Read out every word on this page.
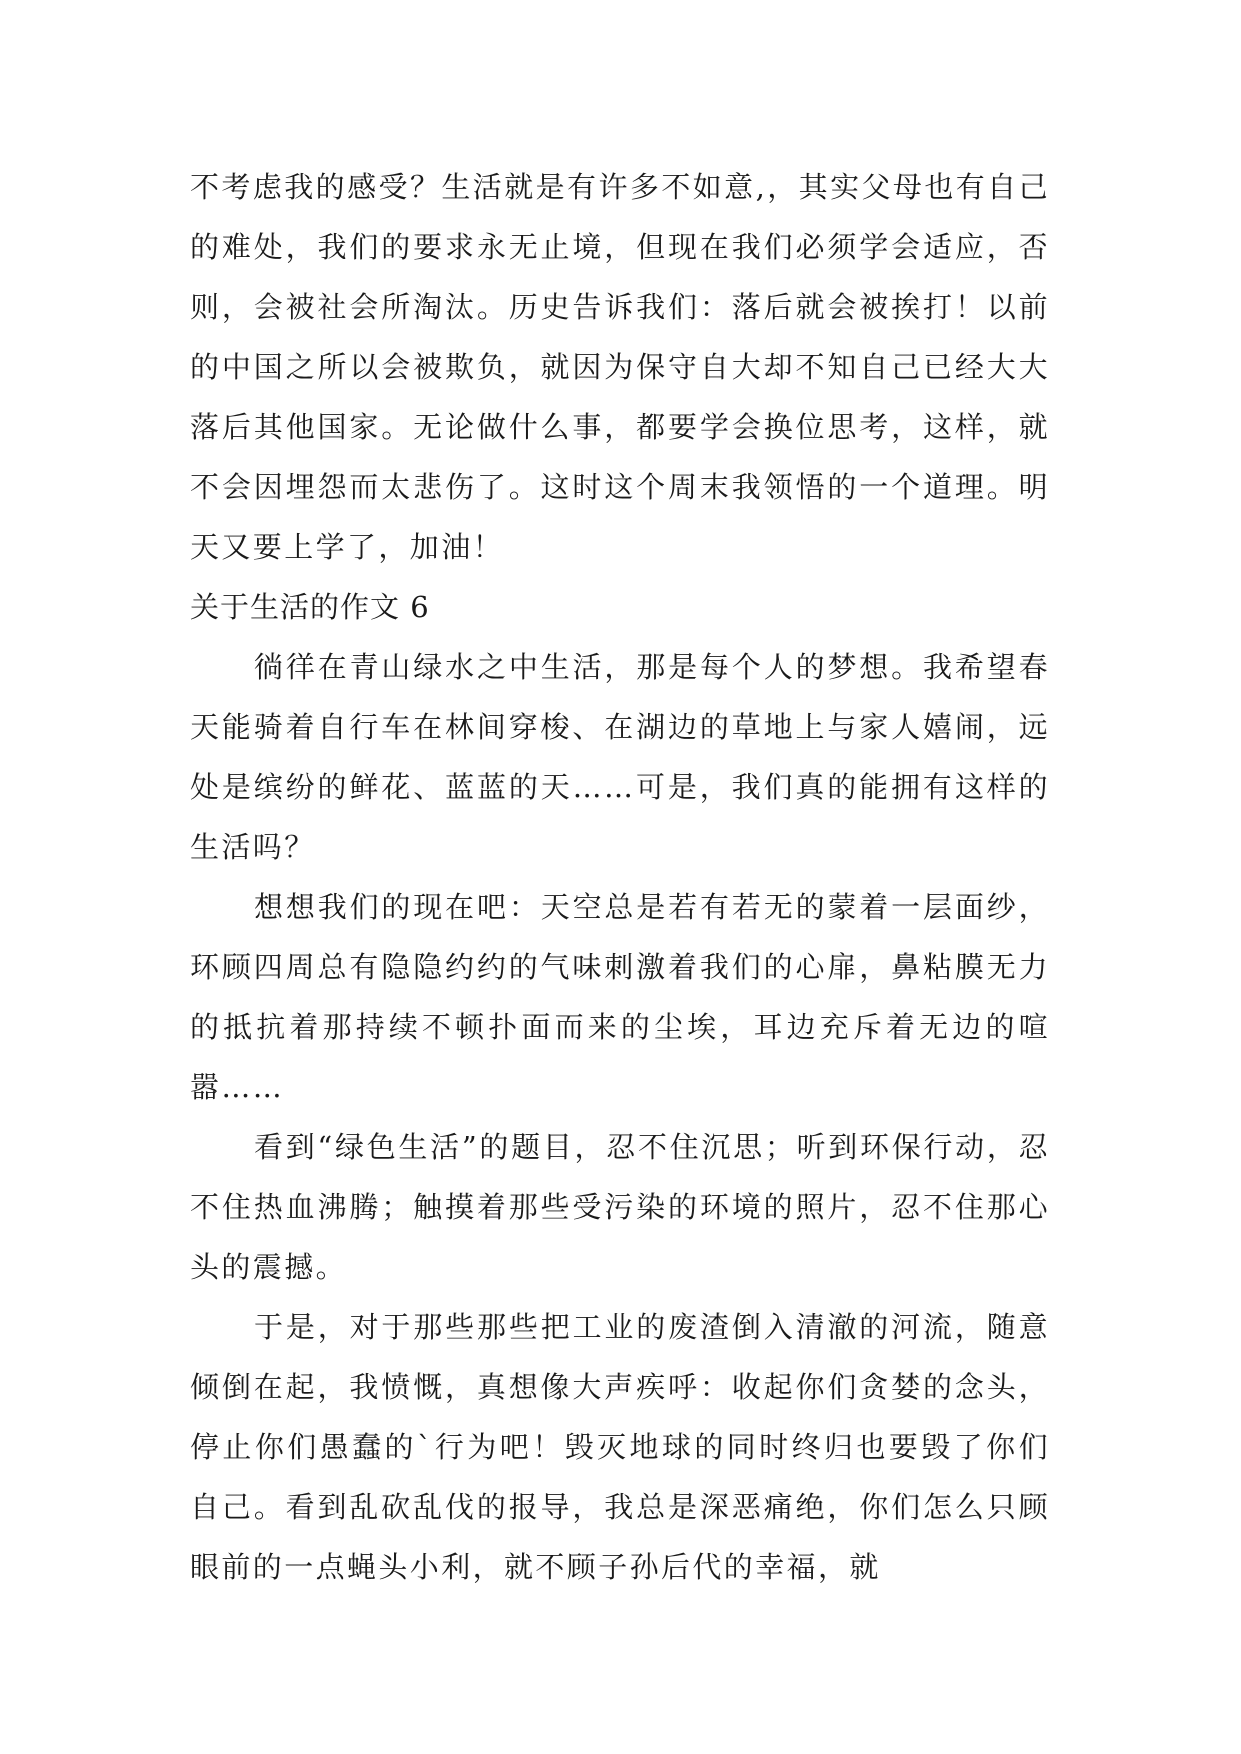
不考虑我的感受？生活就是有许多不如意,，其实父母也有自己的难处，我们的要求永无止境，但现在我们必须学会适应，否则，会被社会所淘汰。历史告诉我们：落后就会被挨打！以前的中国之所以会被欺负，就因为保守自大却不知自己已经大大落后其他国家。无论做什么事，都要学会换位思考，这样，就不会因埋怨而太悲伤了。这时这个周末我领悟的一个道理。明天又要上学了，加油！

关于生活的作文 6

徜徉在青山绿水之中生活，那是每个人的梦想。我希望春天能骑着自行车在林间穿梭、在湖边的草地上与家人嬉闹，远处是缤纷的鲜花、蓝蓝的天……可是，我们真的能拥有这样的生活吗？

想想我们的现在吧：天空总是若有若无的蒙着一层面纱，环顾四周总有隐隐约约的气味刺激着我们的心扉，鼻粘膜无力的抵抗着那持续不顿扑面而来的尘埃，耳边充斥着无边的喧嚣……

看到“绿色生活”的题目，忍不住沉思；听到环保行动，忍不住热血沸腾；触摸着那些受污染的环境的照片，忍不住那心头的震撼。

于是，对于那些那些把工业的废渣倒入清澈的河流，随意倾倒在起，我愤慨，真想像大声疾呼：收起你们贪婪的念头，停止你们愚蠢的`行为吧！毁灭地球的同时终归也要毁了你们自己。看到乱砍乱伐的报导，我总是深恶痛绝，你们怎么只顾眼前的一点蝇头小利，就不顾子孙后代的幸福，就
